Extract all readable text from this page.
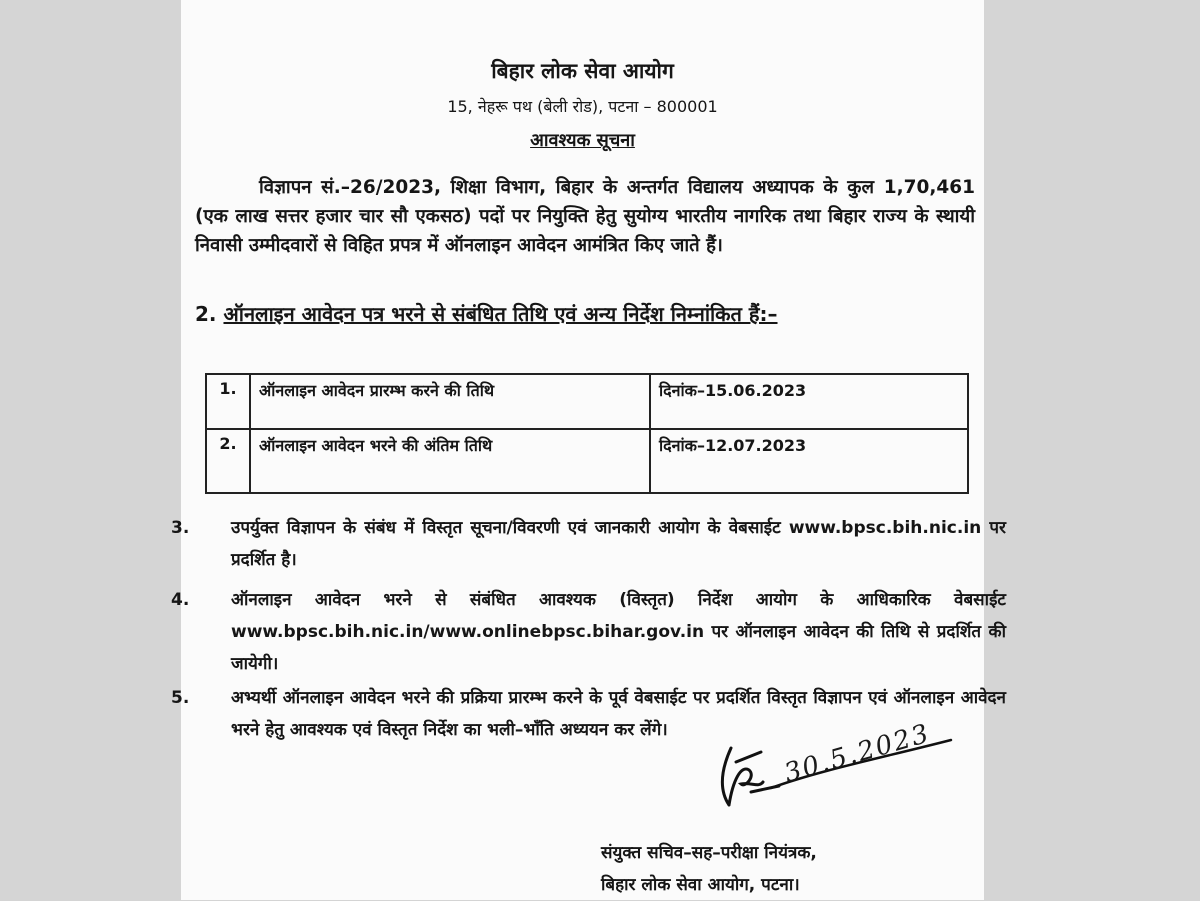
बिहार लोक सेवा आयोग
15, नेहरू पथ (बेली रोड), पटना – 800001
आवश्यक सूचना
विज्ञापन सं.–26/2023, शिक्षा विभाग, बिहार के अन्तर्गत विद्यालय अध्यापक के कुल 1,70,461 (एक लाख सत्तर हजार चार सौ एकसठ) पदों पर नियुक्ति हेतु सुयोग्य भारतीय नागरिक तथा बिहार राज्य के स्थायी निवासी उम्मीदवारों से विहित प्रपत्र में ऑनलाइन आवेदन आमंत्रित किए जाते हैं।
2. ऑनलाइन आवेदन पत्र भरने से संबंधित तिथि एवं अन्य निर्देश निम्नांकित हैं:–
1.	ऑनलाइन आवेदन प्रारम्भ करने की तिथि	दिनांक–15.06.2023
2.	ऑनलाइन आवेदन भरने की अंतिम तिथि	दिनांक–12.07.2023
3. उपर्युक्त विज्ञापन के संबंध में विस्तृत सूचना/विवरणी एवं जानकारी आयोग के वेबसाईट www.bpsc.bih.nic.in पर प्रदर्शित है।
4. ऑनलाइन आवेदन भरने से संबंधित आवश्यक (विस्तृत) निर्देश आयोग के आधिकारिक वेबसाईट www.bpsc.bih.nic.in/www.onlinebpsc.bihar.gov.in पर ऑनलाइन आवेदन की तिथि से प्रदर्शित की जायेगी।
5. अभ्यर्थी ऑनलाइन आवेदन भरने की प्रक्रिया प्रारम्भ करने के पूर्व वेबसाईट पर प्रदर्शित विस्तृत विज्ञापन एवं ऑनलाइन आवेदन भरने हेतु आवश्यक एवं विस्तृत निर्देश का भली–भाँति अध्ययन कर लेंगे।	30.5.2023
संयुक्त सचिव–सह–परीक्षा नियंत्रक,
बिहार लोक सेवा आयोग, पटना।
